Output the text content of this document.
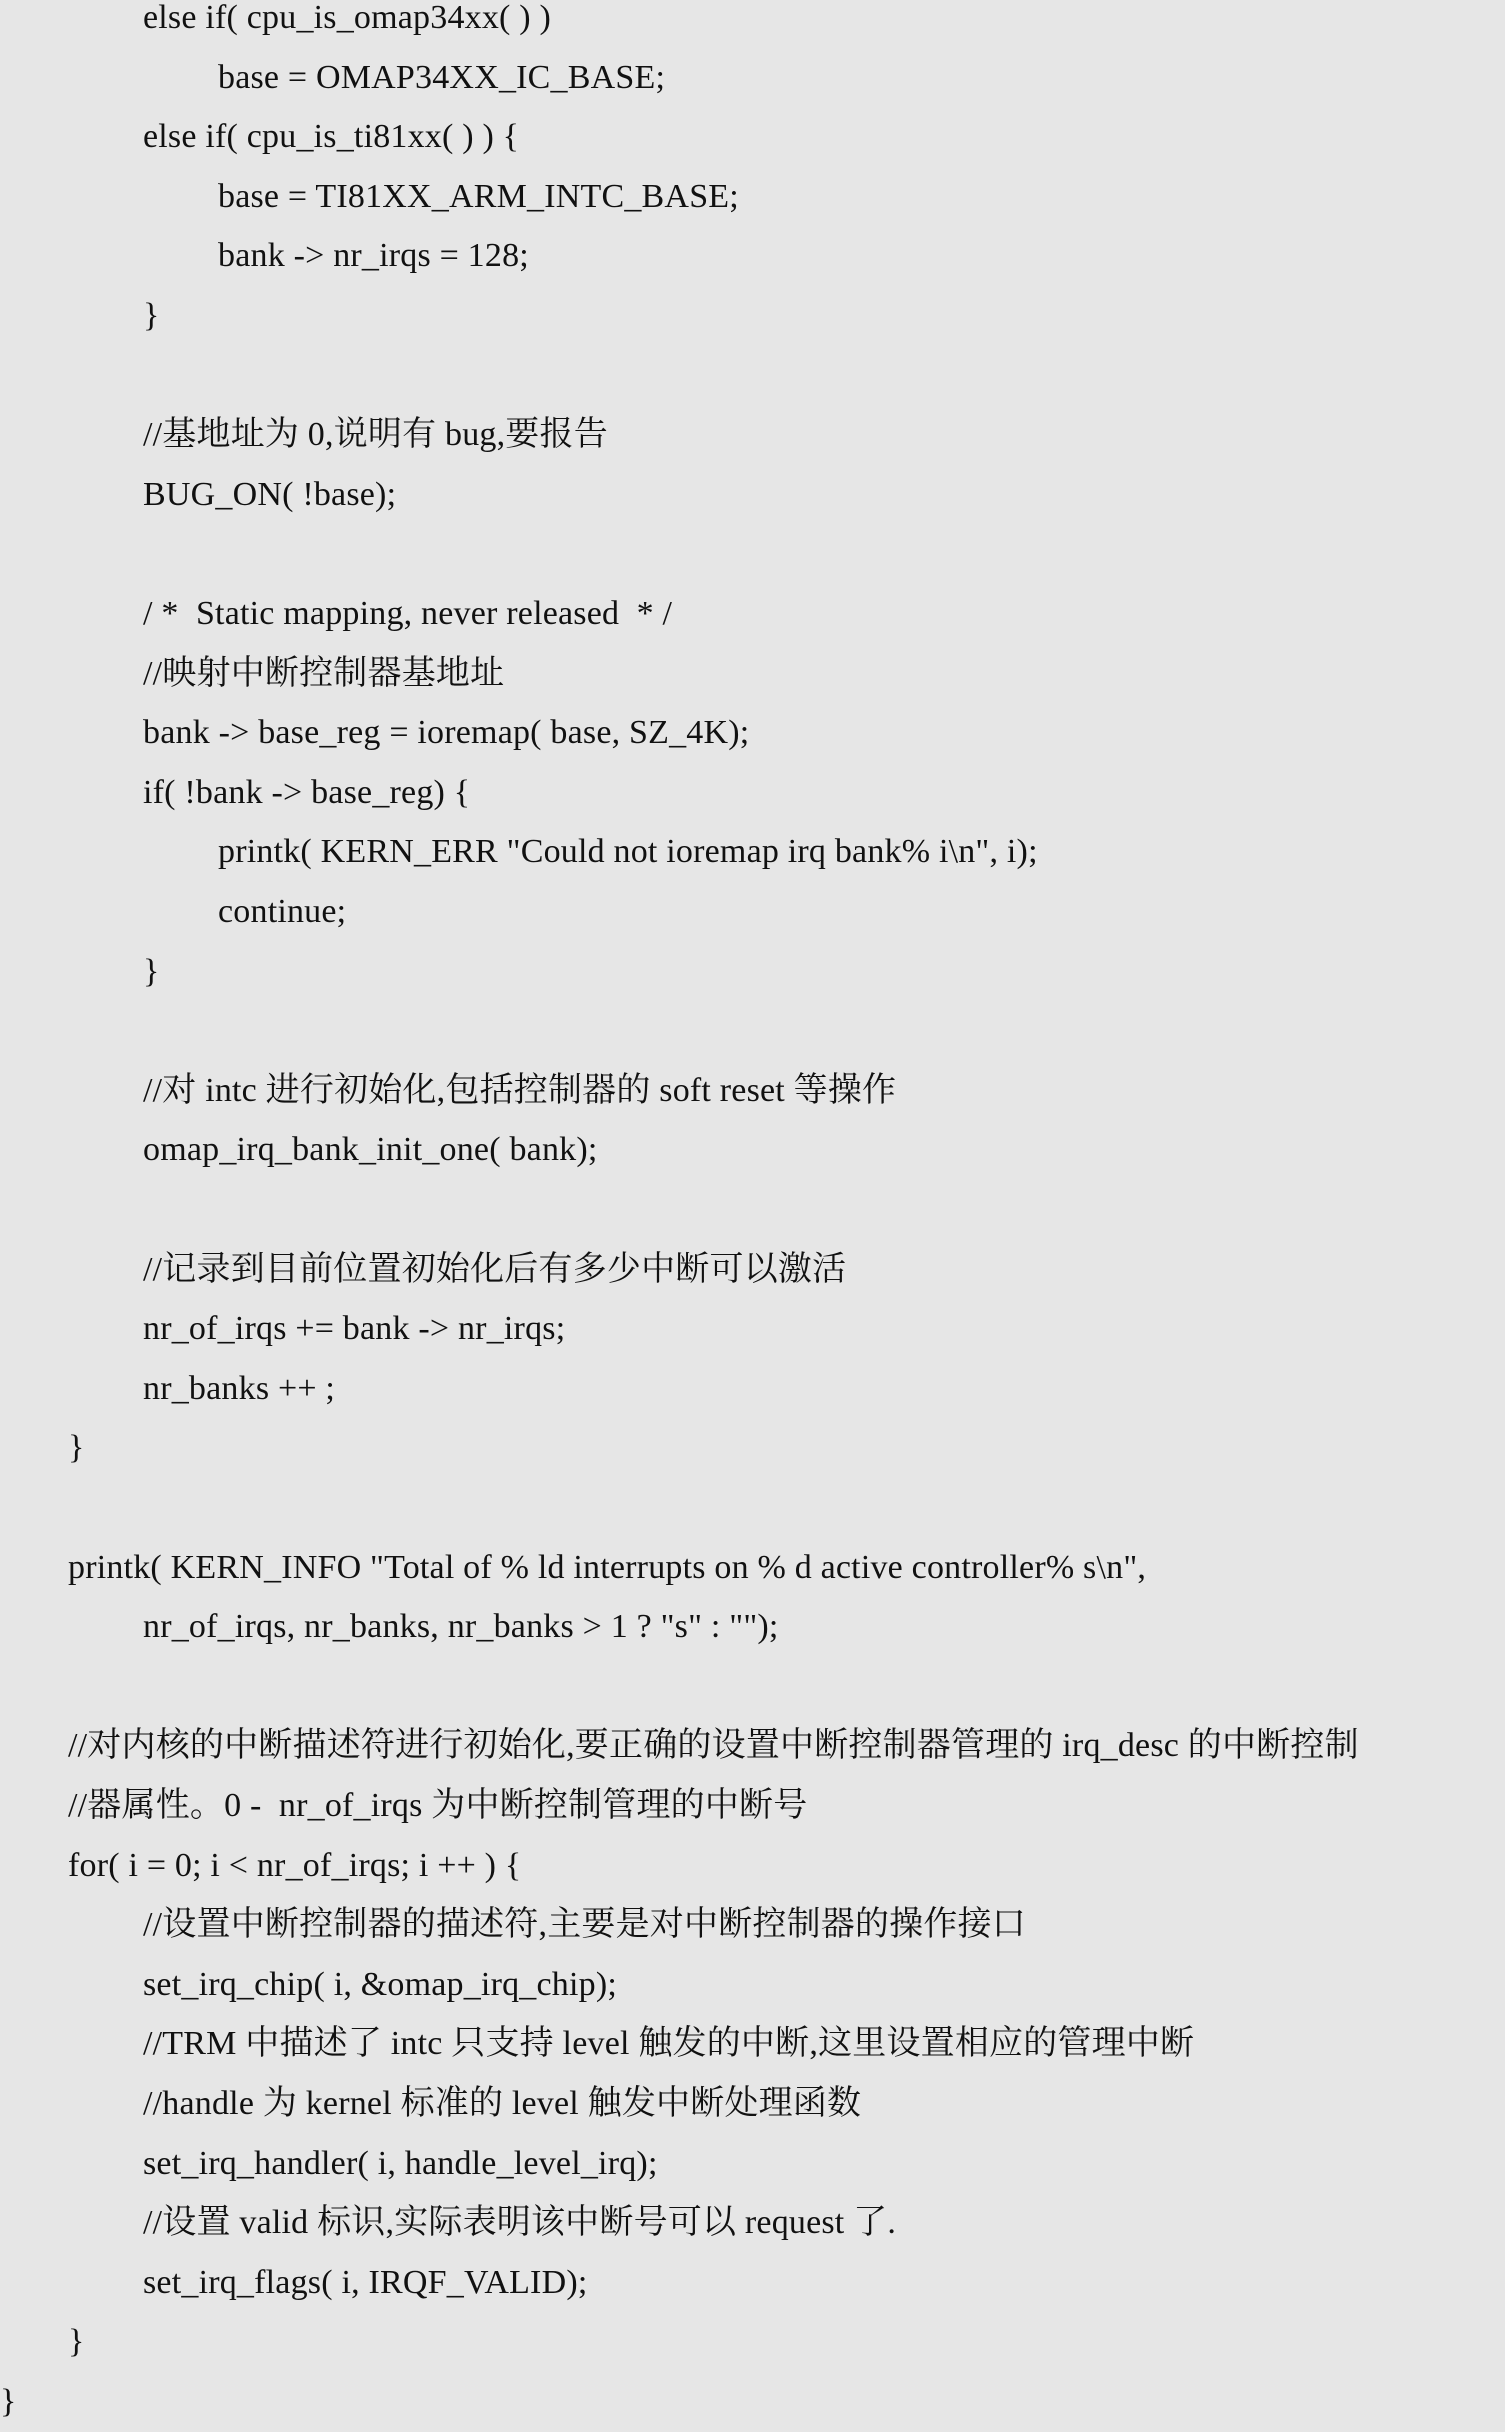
else if( cpu_is_omap34xx( ) )
base = OMAP34XX_IC_BASE;
else if( cpu_is_ti81xx( ) ) {
base = TI81XX_ARM_INTC_BASE;
bank -> nr_irqs = 128;
}
//基地址为 0,说明有 bug,要报告
BUG_ON( !base);
/ *  Static mapping, never released  * /
//映射中断控制器基地址
bank -> base_reg = ioremap( base, SZ_4K);
if( !bank -> base_reg) {
printk( KERN_ERR "Could not ioremap irq bank% i\n", i);
continue;
}
//对 intc 进行初始化,包括控制器的 soft reset 等操作
omap_irq_bank_init_one( bank);
//记录到目前位置初始化后有多少中断可以激活
nr_of_irqs += bank -> nr_irqs;
nr_banks ++ ;
}
printk( KERN_INFO "Total of % ld interrupts on % d active controller% s\n",
nr_of_irqs, nr_banks, nr_banks > 1 ? "s" : "");
//对内核的中断描述符进行初始化,要正确的设置中断控制器管理的 irq_desc 的中断控制
//器属性。0 -  nr_of_irqs 为中断控制管理的中断号
for( i = 0; i < nr_of_irqs; i ++ ) {
//设置中断控制器的描述符,主要是对中断控制器的操作接口
set_irq_chip( i, &omap_irq_chip);
//TRM 中描述了 intc 只支持 level 触发的中断,这里设置相应的管理中断
//handle 为 kernel 标准的 level 触发中断处理函数
set_irq_handler( i, handle_level_irq);
//设置 valid 标识,实际表明该中断号可以 request 了.
set_irq_flags( i, IRQF_VALID);
}
}
